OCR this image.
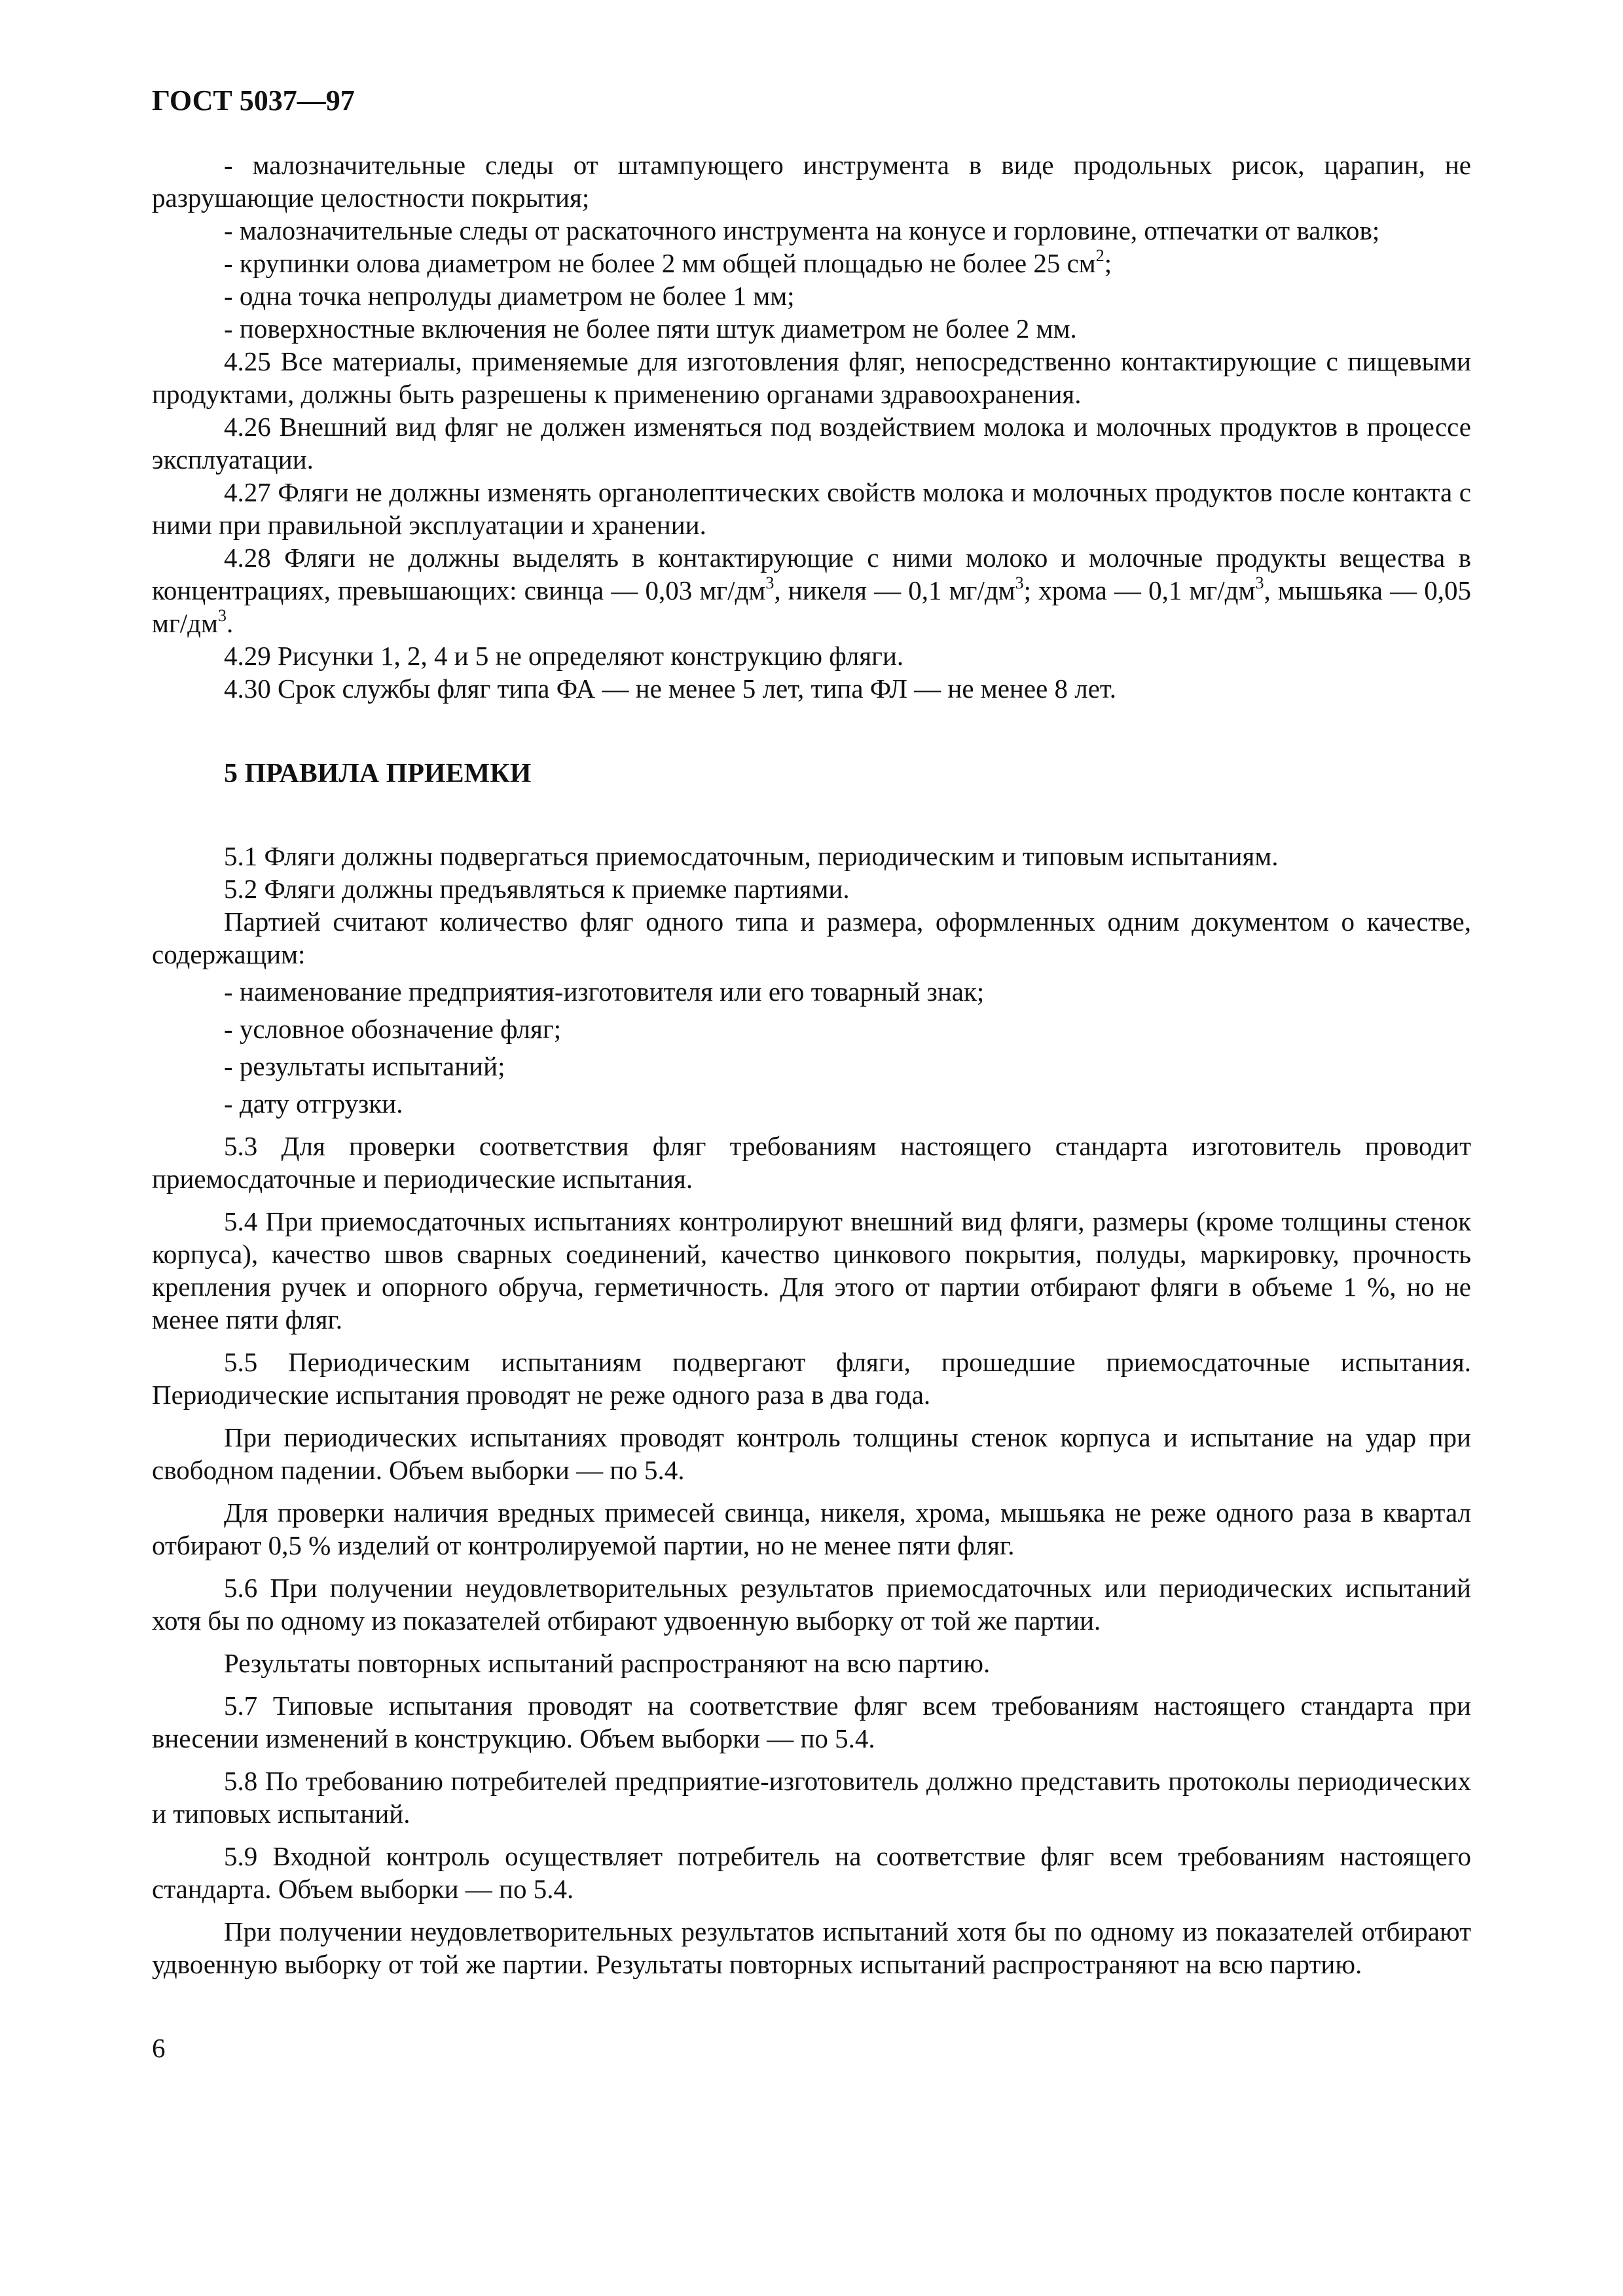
ГОСТ 5037—97

- малозначительные следы от штампующего инструмента в виде продольных рисок, царапин, не разрушающие целостности покрытия;

- малозначительные следы от раскаточного инструмента на конусе и горловине, отпечатки от валков;

- крупинки олова диаметром не более 2 мм общей площадью не более 25 $см^2$;

- одна точка непролуды диаметром не более 1 мм;

- поверхностные включения не более пяти штук диаметром не более 2 мм.

4.25 Все материалы, применяемые для изготовления фляг, непосредственно контактирующие с пищевыми продуктами, должны быть разрешены к применению органами здравоохранения.

4.26 Внешний вид фляг не должен изменяться под воздействием молока и молочных продуктов в процессе эксплуатации.

4.27 Фляги не должны изменять органолептических свойств молока и молочных продуктов после контакта с ними при правильной эксплуатации и хранении.

4.28 Фляги не должны выделять в контактирующие с ними молоко и молочные продукты вещества в концентрациях, превышающих: свинца — 0,03 $мг/дм^3$, никеля — 0,1 $мг/дм^3$; хрома — 0,1 $мг/дм^3$, мышьяка — 0,05 $мг/дм^3$.

4.29 Рисунки 1, 2, 4 и 5 не определяют конструкцию фляги.

4.30 Срок службы фляг типа ФА — не менее 5 лет, типа ФЛ — не менее 8 лет.

5 ПРАВИЛА ПРИЕМКИ

5.1 Фляги должны подвергаться приемосдаточным, периодическим и типовым испытаниям.

5.2 Фляги должны предъявляться к приемке партиями.

Партией считают количество фляг одного типа и размера, оформленных одним документом о качестве, содержащим:

- наименование предприятия-изготовителя или его товарный знак;

- условное обозначение фляг;

- результаты испытаний;

- дату отгрузки.

5.3 Для проверки соответствия фляг требованиям настоящего стандарта изготовитель проводит приемосдаточные и периодические испытания.

5.4 При приемосдаточных испытаниях контролируют внешний вид фляги, размеры (кроме толщины стенок корпуса), качество швов сварных соединений, качество цинкового покрытия, полуды, маркировку, прочность крепления ручек и опорного обруча, герметичность. Для этого от партии отбирают фляги в объеме 1 %, но не менее пяти фляг.

5.5 Периодическим испытаниям подвергают фляги, прошедшие приемосдаточные испытания. Периодические испытания проводят не реже одного раза в два года.

При периодических испытаниях проводят контроль толщины стенок корпуса и испытание на удар при свободном падении. Объем выборки — по 5.4.

Для проверки наличия вредных примесей свинца, никеля, хрома, мышьяка не реже одного раза в квартал отбирают 0,5 % изделий от контролируемой партии, но не менее пяти фляг.

5.6 При получении неудовлетворительных результатов приемосдаточных или периодических испытаний хотя бы по одному из показателей отбирают удвоенную выборку от той же партии.

Результаты повторных испытаний распространяют на всю партию.

5.7 Типовые испытания проводят на соответствие фляг всем требованиям настоящего стандарта при внесении изменений в конструкцию. Объем выборки — по 5.4.

5.8 По требованию потребителей предприятие-изготовитель должно представить протоколы периодических и типовых испытаний.

5.9 Входной контроль осуществляет потребитель на соответствие фляг всем требованиям настоящего стандарта. Объем выборки — по 5.4.

При получении неудовлетворительных результатов испытаний хотя бы по одному из показателей отбирают удвоенную выборку от той же партии. Результаты повторных испытаний распространяют на всю партию.

6
